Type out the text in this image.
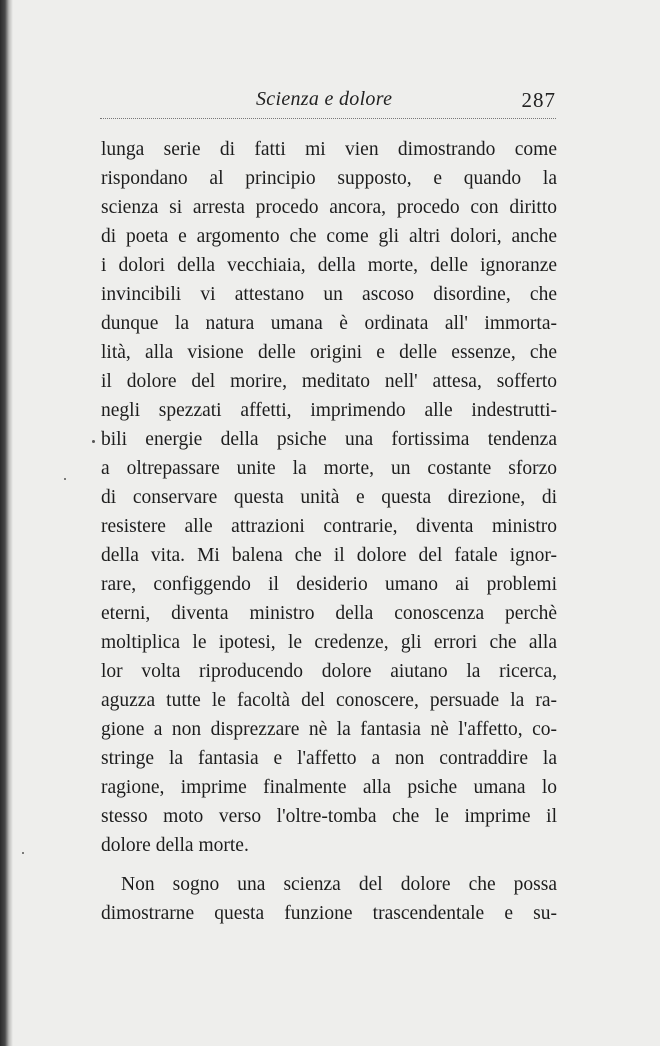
Scienza e dolore	287
lunga serie di fatti mi vien dimostrando come
rispondano al principio supposto, e quando la
scienza si arresta procedo ancora, procedo con diritto
di poeta e argomento che come gli altri dolori, anche
i dolori della vecchiaia, della morte, delle ignoranze
invincibili vi attestano un ascoso disordine, che
dunque la natura umana è ordinata all' immorta-
lità, alla visione delle origini e delle essenze, che
il dolore del morire, meditato nell' attesa, sofferto
negli spezzati affetti, imprimendo alle indestrutti-
bili energie della psiche una fortissima tendenza
a oltrepassare unite la morte, un costante sforzo
di conservare questa unità e questa direzione, di
resistere alle attrazioni contrarie, diventa ministro
della vita. Mi balena che il dolore del fatale ignor-
rare, configgendo il desiderio umano ai problemi
eterni, diventa ministro della conoscenza perchè
moltiplica le ipotesi, le credenze, gli errori che alla
lor volta riproducendo dolore aiutano la ricerca,
aguzza tutte le facoltà del conoscere, persuade la ra-
gione a non disprezzare nè la fantasia nè l'affetto, co-
stringe la fantasia e l'affetto a non contraddire la
ragione, imprime finalmente alla psiche umana lo
stesso moto verso l'oltre-tomba che le imprime il
dolore della morte.
Non sogno una scienza del dolore che possa
dimostrarne questa funzione trascendentale e su-
